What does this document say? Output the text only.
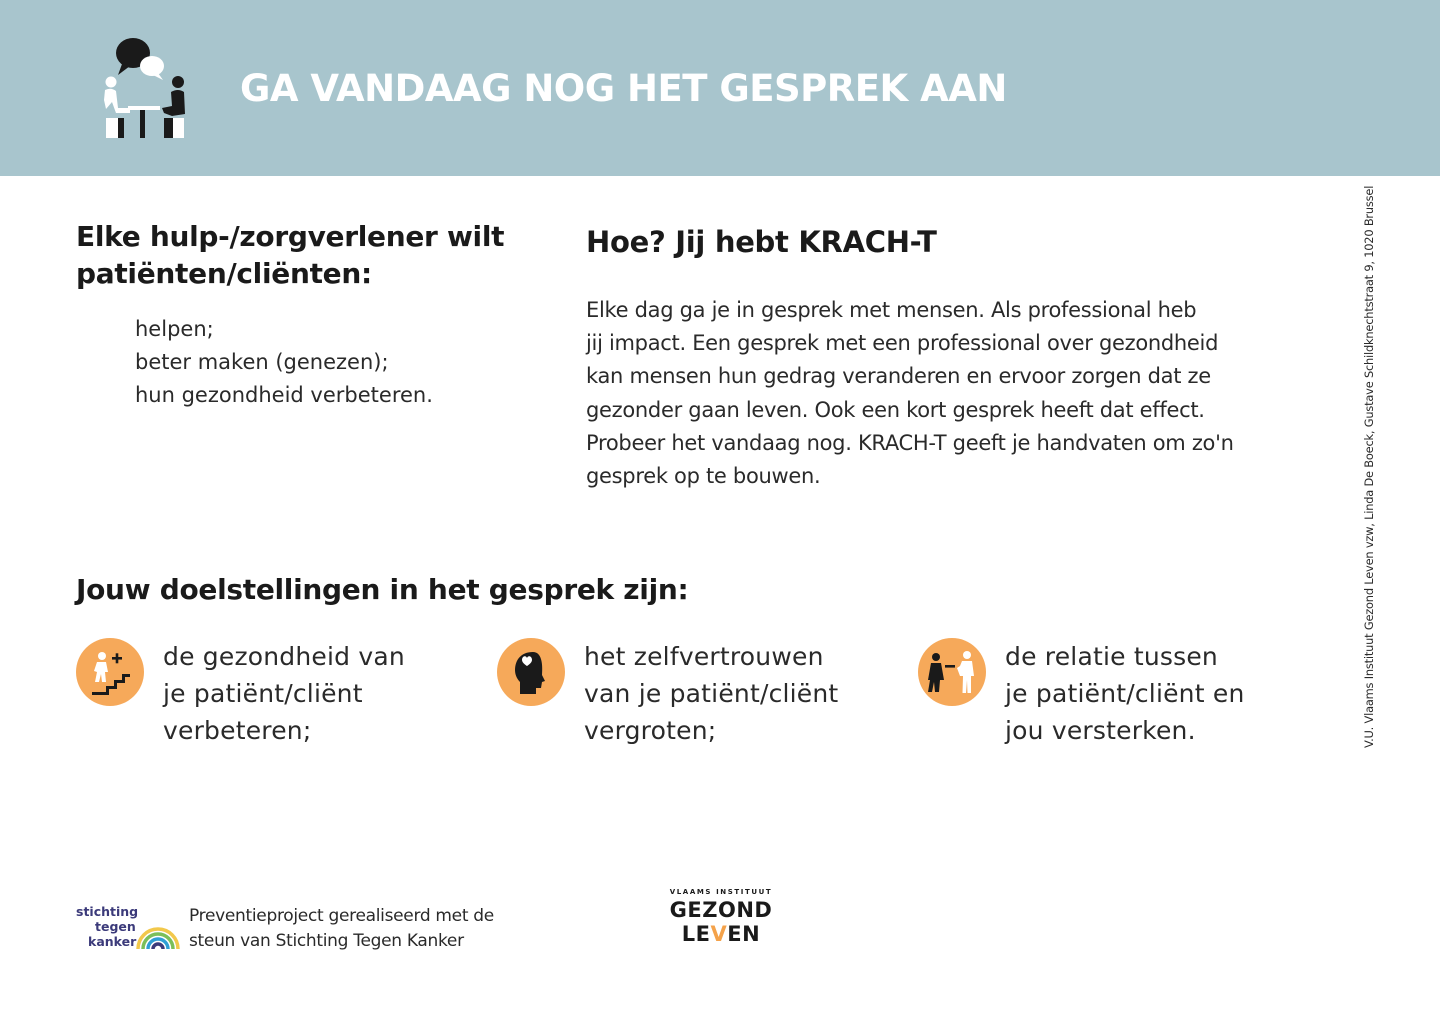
GA VANDAAG NOG HET GESPREK AAN
Elke hulp-/zorgverlener wilt
patiënten/cliënten:
helpen;
beter maken (genezen);
hun gezondheid verbeteren.
Hoe? Jij hebt KRACH-T
Elke dag ga je in gesprek met mensen. Als professional heb
jij impact. Een gesprek met een professional over gezondheid
kan mensen hun gedrag veranderen en ervoor zorgen dat ze
gezonder gaan leven. Ook een kort gesprek heeft dat effect.
Probeer het vandaag nog. KRACH-T geeft je handvaten om zo'n
gesprek op te bouwen.
Jouw doelstellingen in het gesprek zijn:
de gezondheid van
je patiënt/cliënt
verbeteren;
het zelfvertrouwen
van je patiënt/cliënt
vergroten;
de relatie tussen
je patiënt/cliënt en
jou versterken.	V.U. Vlaams Instituut Gezond Leven vzw, Linda De Boeck, Gustave Schildknechtstraat 9, 1020 Brussel
stichting
tegen
kanker

Preventieproject gerealiseerd met de

steun van Stichting Tegen Kanker

VLAAMS INSTITUUT
GEZOND
LEVEN
